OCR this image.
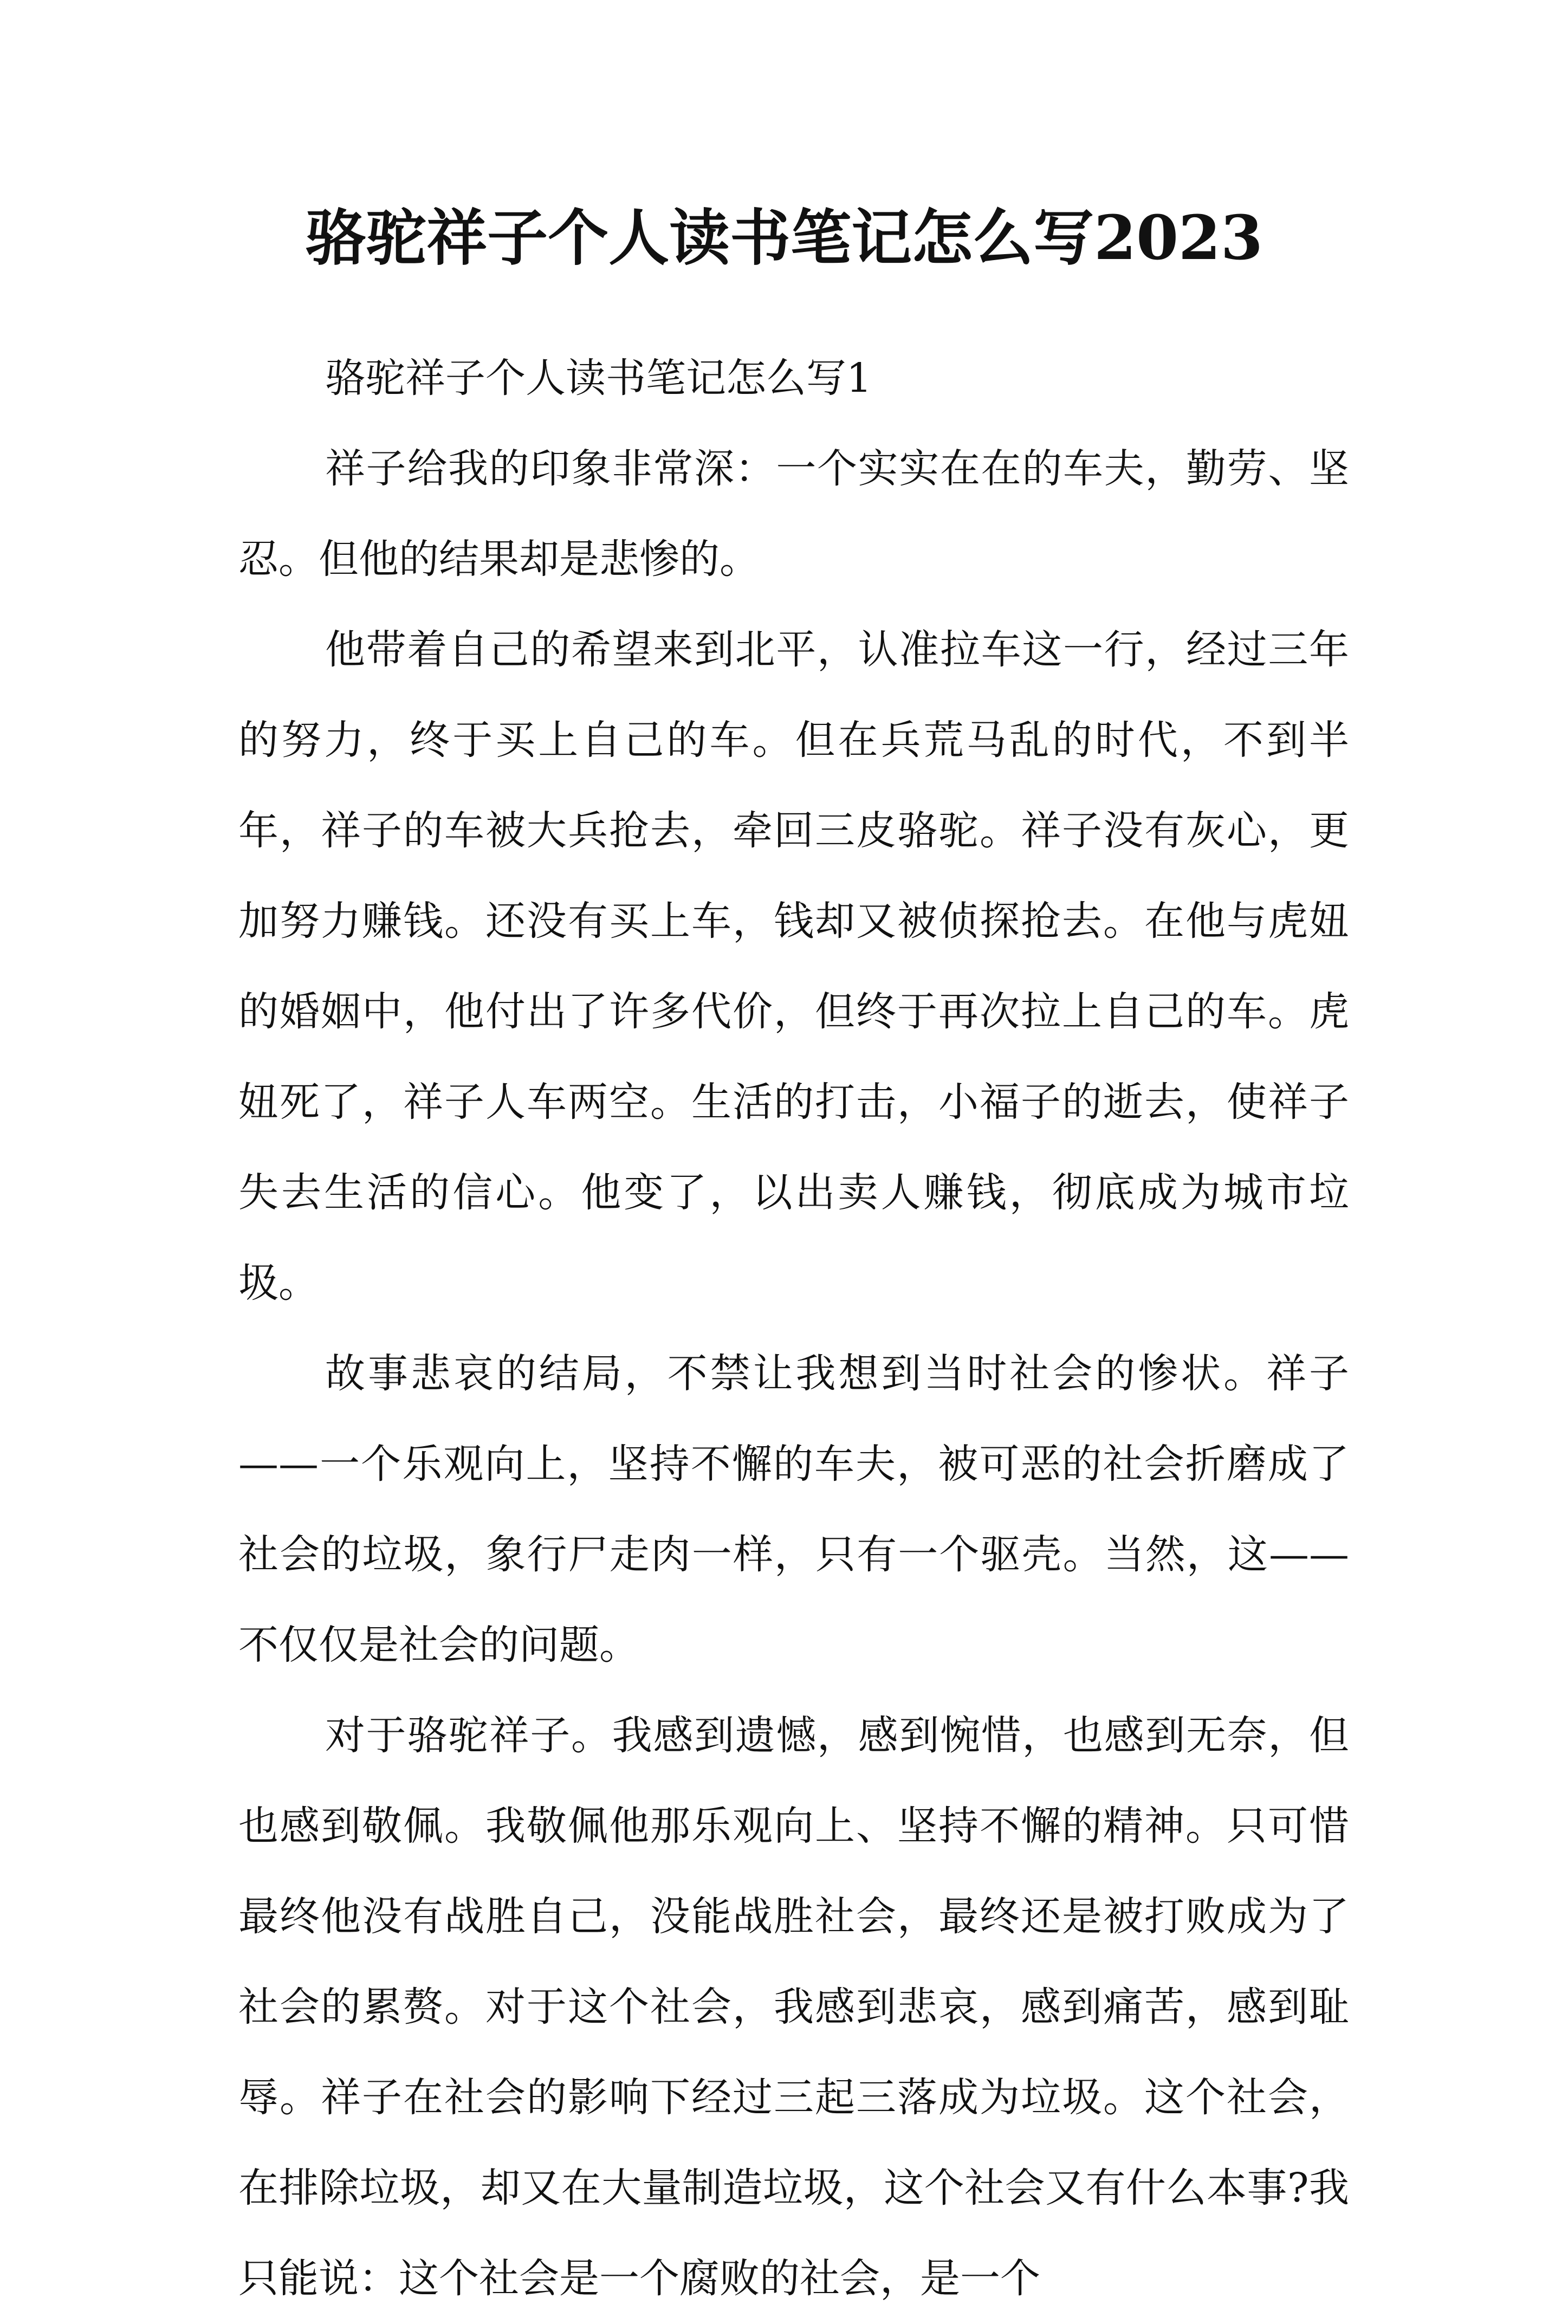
骆驼祥子个人读书笔记怎么写2023
骆驼祥子个人读书笔记怎么写1

祥子给我的印象非常深：一个实实在在的车夫，勤劳、坚忍。但他的结果却是悲惨的。

他带着自己的希望来到北平，认准拉车这一行，经过三年的努力，终于买上自己的车。但在兵荒马乱的时代，不到半年，祥子的车被大兵抢去，牵回三皮骆驼。祥子没有灰心，更加努力赚钱。还没有买上车，钱却又被侦探抢去。在他与虎妞的婚姻中，他付出了许多代价，但终于再次拉上自己的车。虎妞死了，祥子人车两空。生活的打击，小福子的逝去，使祥子失去生活的信心。他变了，以出卖人赚钱，彻底成为城市垃圾。

故事悲哀的结局，不禁让我想到当时社会的惨状。祥子——一个乐观向上，坚持不懈的车夫，被可恶的社会折磨成了社会的垃圾，象行尸走肉一样，只有一个驱壳。当然，这——不仅仅是社会的问题。

对于骆驼祥子。我感到遗憾，感到惋惜，也感到无奈，但也感到敬佩。我敬佩他那乐观向上、坚持不懈的精神。只可惜最终他没有战胜自己，没能战胜社会，最终还是被打败成为了社会的累赘。对于这个社会，我感到悲哀，感到痛苦，感到耻辱。祥子在社会的影响下经过三起三落成为垃圾。这个社会，在排除垃圾，却又在大量制造垃圾，这个社会又有什么本事?我只能说：这个社会是一个腐败的社会，是一个
